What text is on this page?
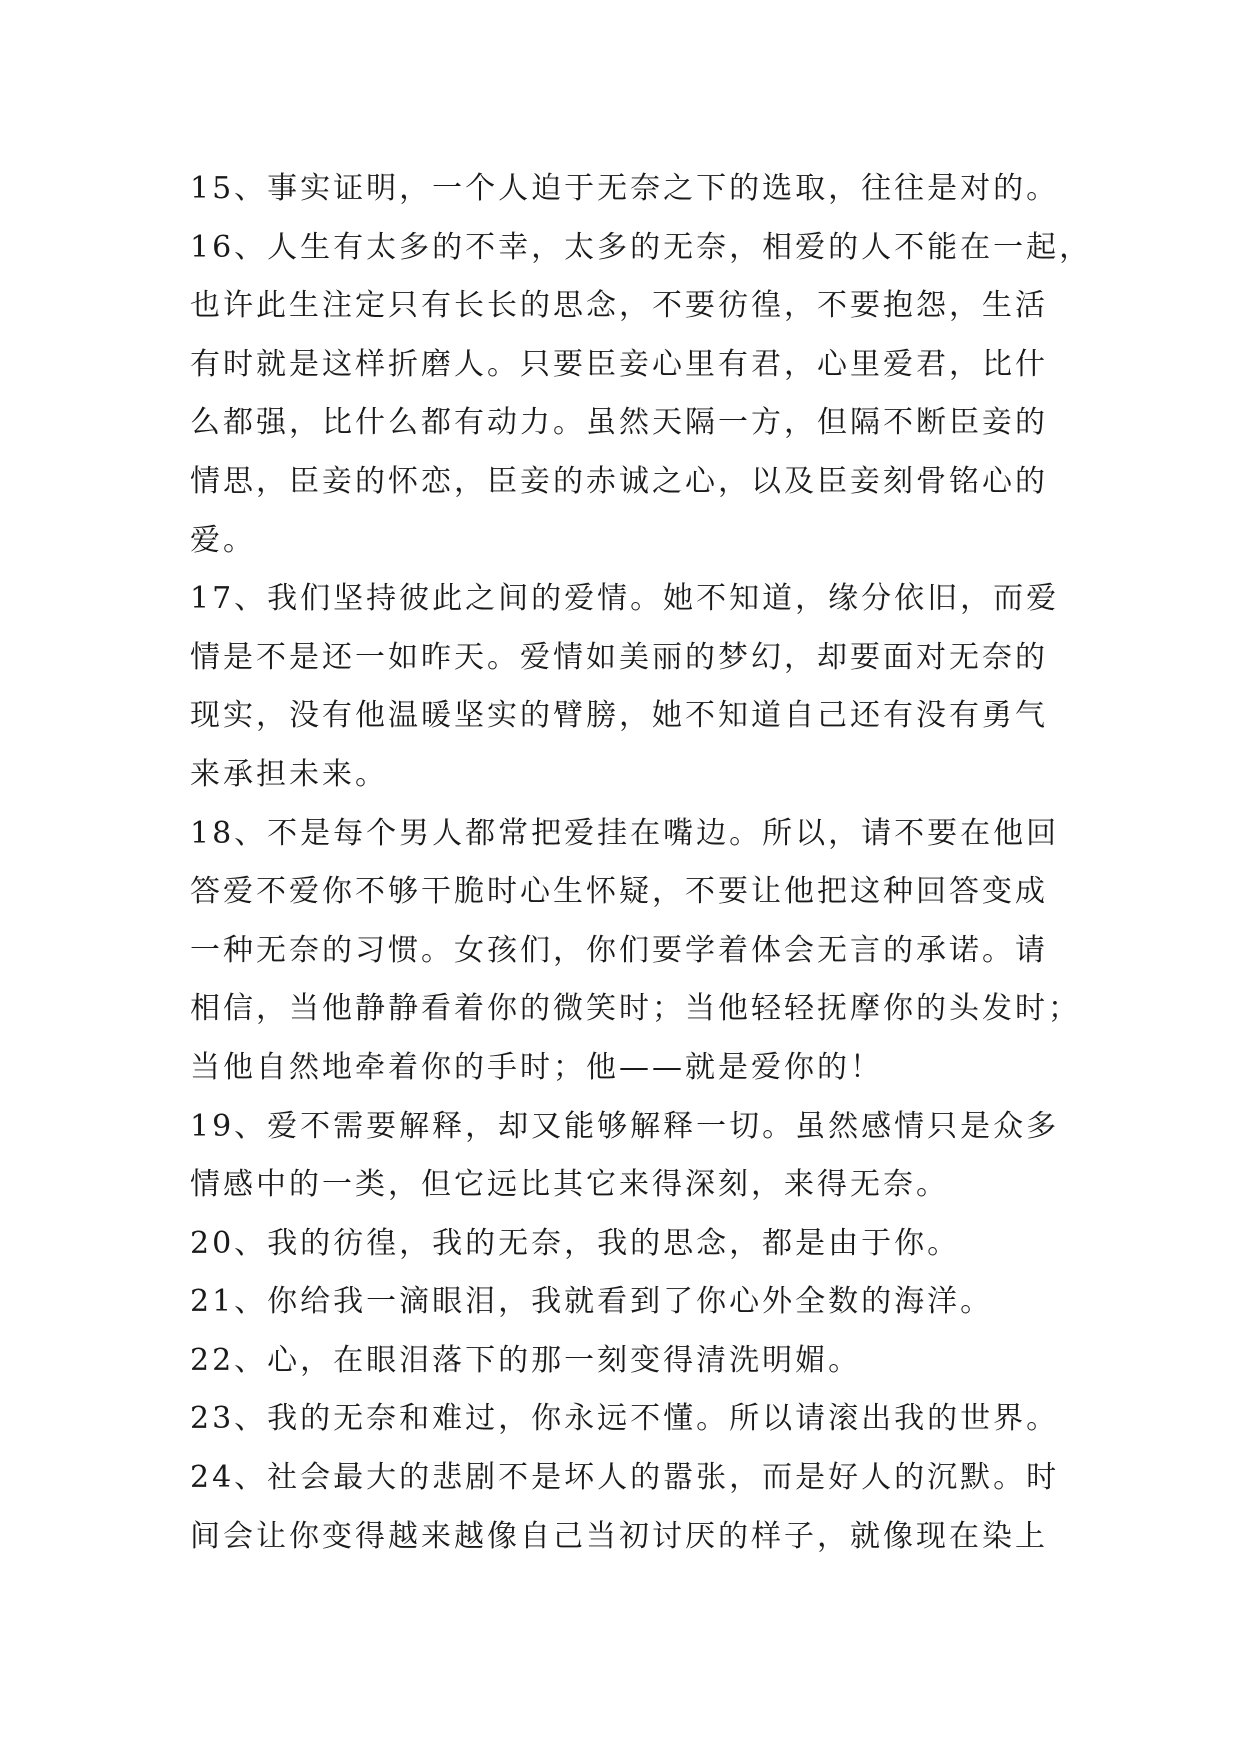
15、事实证明，一个人迫于无奈之下的选取，往往是对的。
16、人生有太多的不幸，太多的无奈，相爱的人不能在一起，
也许此生注定只有长长的思念，不要彷徨，不要抱怨，生活
有时就是这样折磨人。只要臣妾心里有君，心里爱君，比什
么都强，比什么都有动力。虽然天隔一方，但隔不断臣妾的
情思，臣妾的怀恋，臣妾的赤诚之心，以及臣妾刻骨铭心的
爱。
17、我们坚持彼此之间的爱情。她不知道，缘分依旧，而爱
情是不是还一如昨天。爱情如美丽的梦幻，却要面对无奈的
现实，没有他温暖坚实的臂膀，她不知道自己还有没有勇气
来承担未来。
18、不是每个男人都常把爱挂在嘴边。所以，请不要在他回
答爱不爱你不够干脆时心生怀疑，不要让他把这种回答变成
一种无奈的习惯。女孩们，你们要学着体会无言的承诺。请
相信，当他静静看着你的微笑时；当他轻轻抚摩你的头发时；
当他自然地牵着你的手时；他——就是爱你的！
19、爱不需要解释，却又能够解释一切。虽然感情只是众多
情感中的一类，但它远比其它来得深刻，来得无奈。
20、我的彷徨，我的无奈，我的思念，都是由于你。
21、你给我一滴眼泪，我就看到了你心外全数的海洋。
22、心，在眼泪落下的那一刻变得清洗明媚。
23、我的无奈和难过，你永远不懂。所以请滚出我的世界。
24、社会最大的悲剧不是坏人的嚣张，而是好人的沉默。时
间会让你变得越来越像自己当初讨厌的样子，就像现在染上
